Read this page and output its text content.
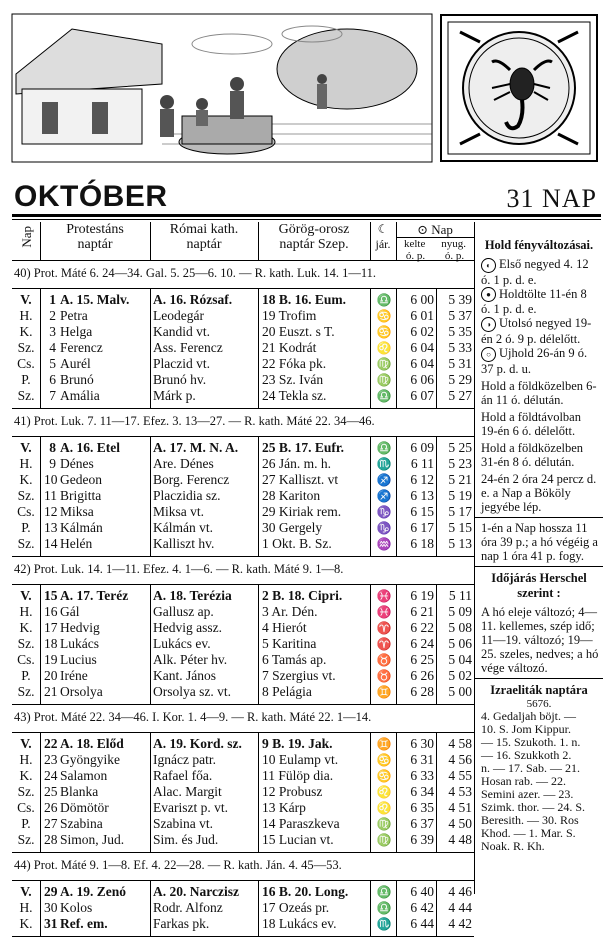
OKTÓBER	31 NAP
Nap	Protestáns
naptár
Római kath.
naptár
Görög-orosz
naptár Szep.
☾
jár.
⊙ Nap
kelte nyug.
ó. p. ó. p.
40) Prot. Máté 6. 24—34. Gal. 5. 25—6. 10. — R. kath. Luk. 14. 1—11.
V.	1 A. 15. Malv.	A. 16. Rózsaf.	18 B. 16. Eum.	♎	6 00	5 39
H.	2 Petra	Leodegár	19 Trofim	♋	6 01	5 37
K.	3 Helga	Kandid vt.	20 Euszt. s T.	♋	6 02	5 35
Sz.	4 Ferencz	Ass. Ferencz	21 Kodrát	♌	6 04	5 33
Cs.	5 Aurél	Placzid vt.	22 Fóka pk.	♍	6 04	5 31
P.	6 Brunó	Brunó hv.	23 Sz. Iván	♍	6 06	5 29
Sz.	7 Amália	Márk p.	24 Tekla sz.	♎	6 07	5 27
41) Prot. Luk. 7. 11—17. Efez. 3. 13—27. — R. kath. Máté 22. 34—46.
V.	8 A. 16. Etel	A. 17. M. N. A.	25 B. 17. Eufr.	♎	6 09	5 25
H.	9 Dénes	Are. Dénes	26 Ján. m. h.	♏	6 11	5 23
K. 10 Gedeon	Borg. Ferencz	27 Kalliszt. vt	♐	6 12	5 21
Sz. 11 Brigitta	Placzidia sz.	28 Kariton	♐	6 13	5 19
Cs. 12 Miksa	Miksa vt.	29 Kiriak rem.	♑	6 15	5 17
P. 13 Kálmán	Kálmán vt.	30 Gergely	♑	6 17	5 15
Sz. 14 Helén	Kalliszt hv.	1 Okt. B. Sz.	♒	6 18	5 13
42) Prot. Luk. 14. 1—11. Efez. 4. 1—6. — R. kath. Máté 9. 1—8.
V. 15 A. 17. Teréz	A. 18. Terézia	2 B. 18. Cipri.	♓	6 19	5 11
H. 16 Gál	Gallusz ap.	3 Ar. Dén.	♓	6 21	5 09
K. 17 Hedvig	Hedvig assz.	4 Hierót	♈	6 22	5 08
Sz. 18 Lukács	Lukács ev.	5 Karitina	♈	6 24	5 06
Cs. 19 Lucius	Alk. Péter hv.	6 Tamás ap.	♉	6 25	5 04
P. 20 Iréne	Kant. János	7 Szergius vt.	♉	6 26	5 02
Sz. 21 Orsolya	Orsolya sz. vt.	8 Pelágia	♊	6 28	5 00
43) Prot. Máté 22. 34—46. I. Kor. 1. 4—9. — R. kath. Máté 22. 1—14.
V. 22 A. 18. Előd	A. 19. Kord. sz.	9 B. 19. Jak.	♊	6 30	4 58
H. 23 Gyöngyike	Ignácz patr.	10 Eulamp vt.	♋	6 31	4 56
K. 24 Salamon	Rafael főa.	11 Fülöp dia.	♋	6 33	4 55
Sz. 25 Blanka	Alac. Margit	12 Probusz	♌	6 34	4 53
Cs. 26 Dömötör	Evariszt p. vt.	13 Kárp	♌	6 35	4 51
P. 27 Szabina	Szabina vt.	14 Paraszkeva	♍	6 37	4 50
Sz. 28 Simon, Jud.	Sim. és Jud.	15 Lucian vt.	♍	6 39	4 48
44) Prot. Máté 9. 1—8. Ef. 4. 22—28. — R. kath. Ján. 4. 45—53.
V. 29 A. 19. Zenó	A. 20. Narczisz	16 B. 20. Long.	♎	6 40	4 46
H. 30 Kolos	Rodr. Alfonz	17 Ozeás pr.	♎	6 42	4 44
K. 31 Ref. em.	Farkas pk.	18 Lukács ev.	♏	6 44	4 42
Hold fényváltozásai.
◐ Első negyed 4. 12 ó. 1 p. d. e.
● Holdtölte 11-én 8 ó. 1 p. d. e.
◑ Utolsó negyed 19-én 2 ó. 9 p. délelőtt.
○ Ujhold 26-án 9 ó. 37 p. d. u.
Hold a földközelben 6-án 11 ó. délután.
Hold a földtávolban 19-én 6 ó. délelőtt.
Hold a földközelben 31-én 8 ó. délután.
24-én 2 óra 24 percz d. e. a Nap a Bököly jegyébe lép.
1-én a Nap hossza 11 óra 39 p.; a hó végéig a nap 1 óra 41 p. fogy.
Időjárás Herschel szerint :
A hó eleje változó; 4—11. kellemes, szép idő; 11—19. változó; 19—25. szeles, nedves; a hó vége változó.
Izraeliták naptára
5676.
4. Gedaljah böjt. —
10. S. Jom Kippur.
— 15. Szukoth. 1. n.
— 16. Szukkoth 2.
n. — 17. Sab. — 21.
Hosan rab. — 22.
Semini azer. — 23.
Szimk. thor. — 24. S.
Beresith. — 30. Ros
Khod. — 1. Mar. S.
Noak. R. Kh.
